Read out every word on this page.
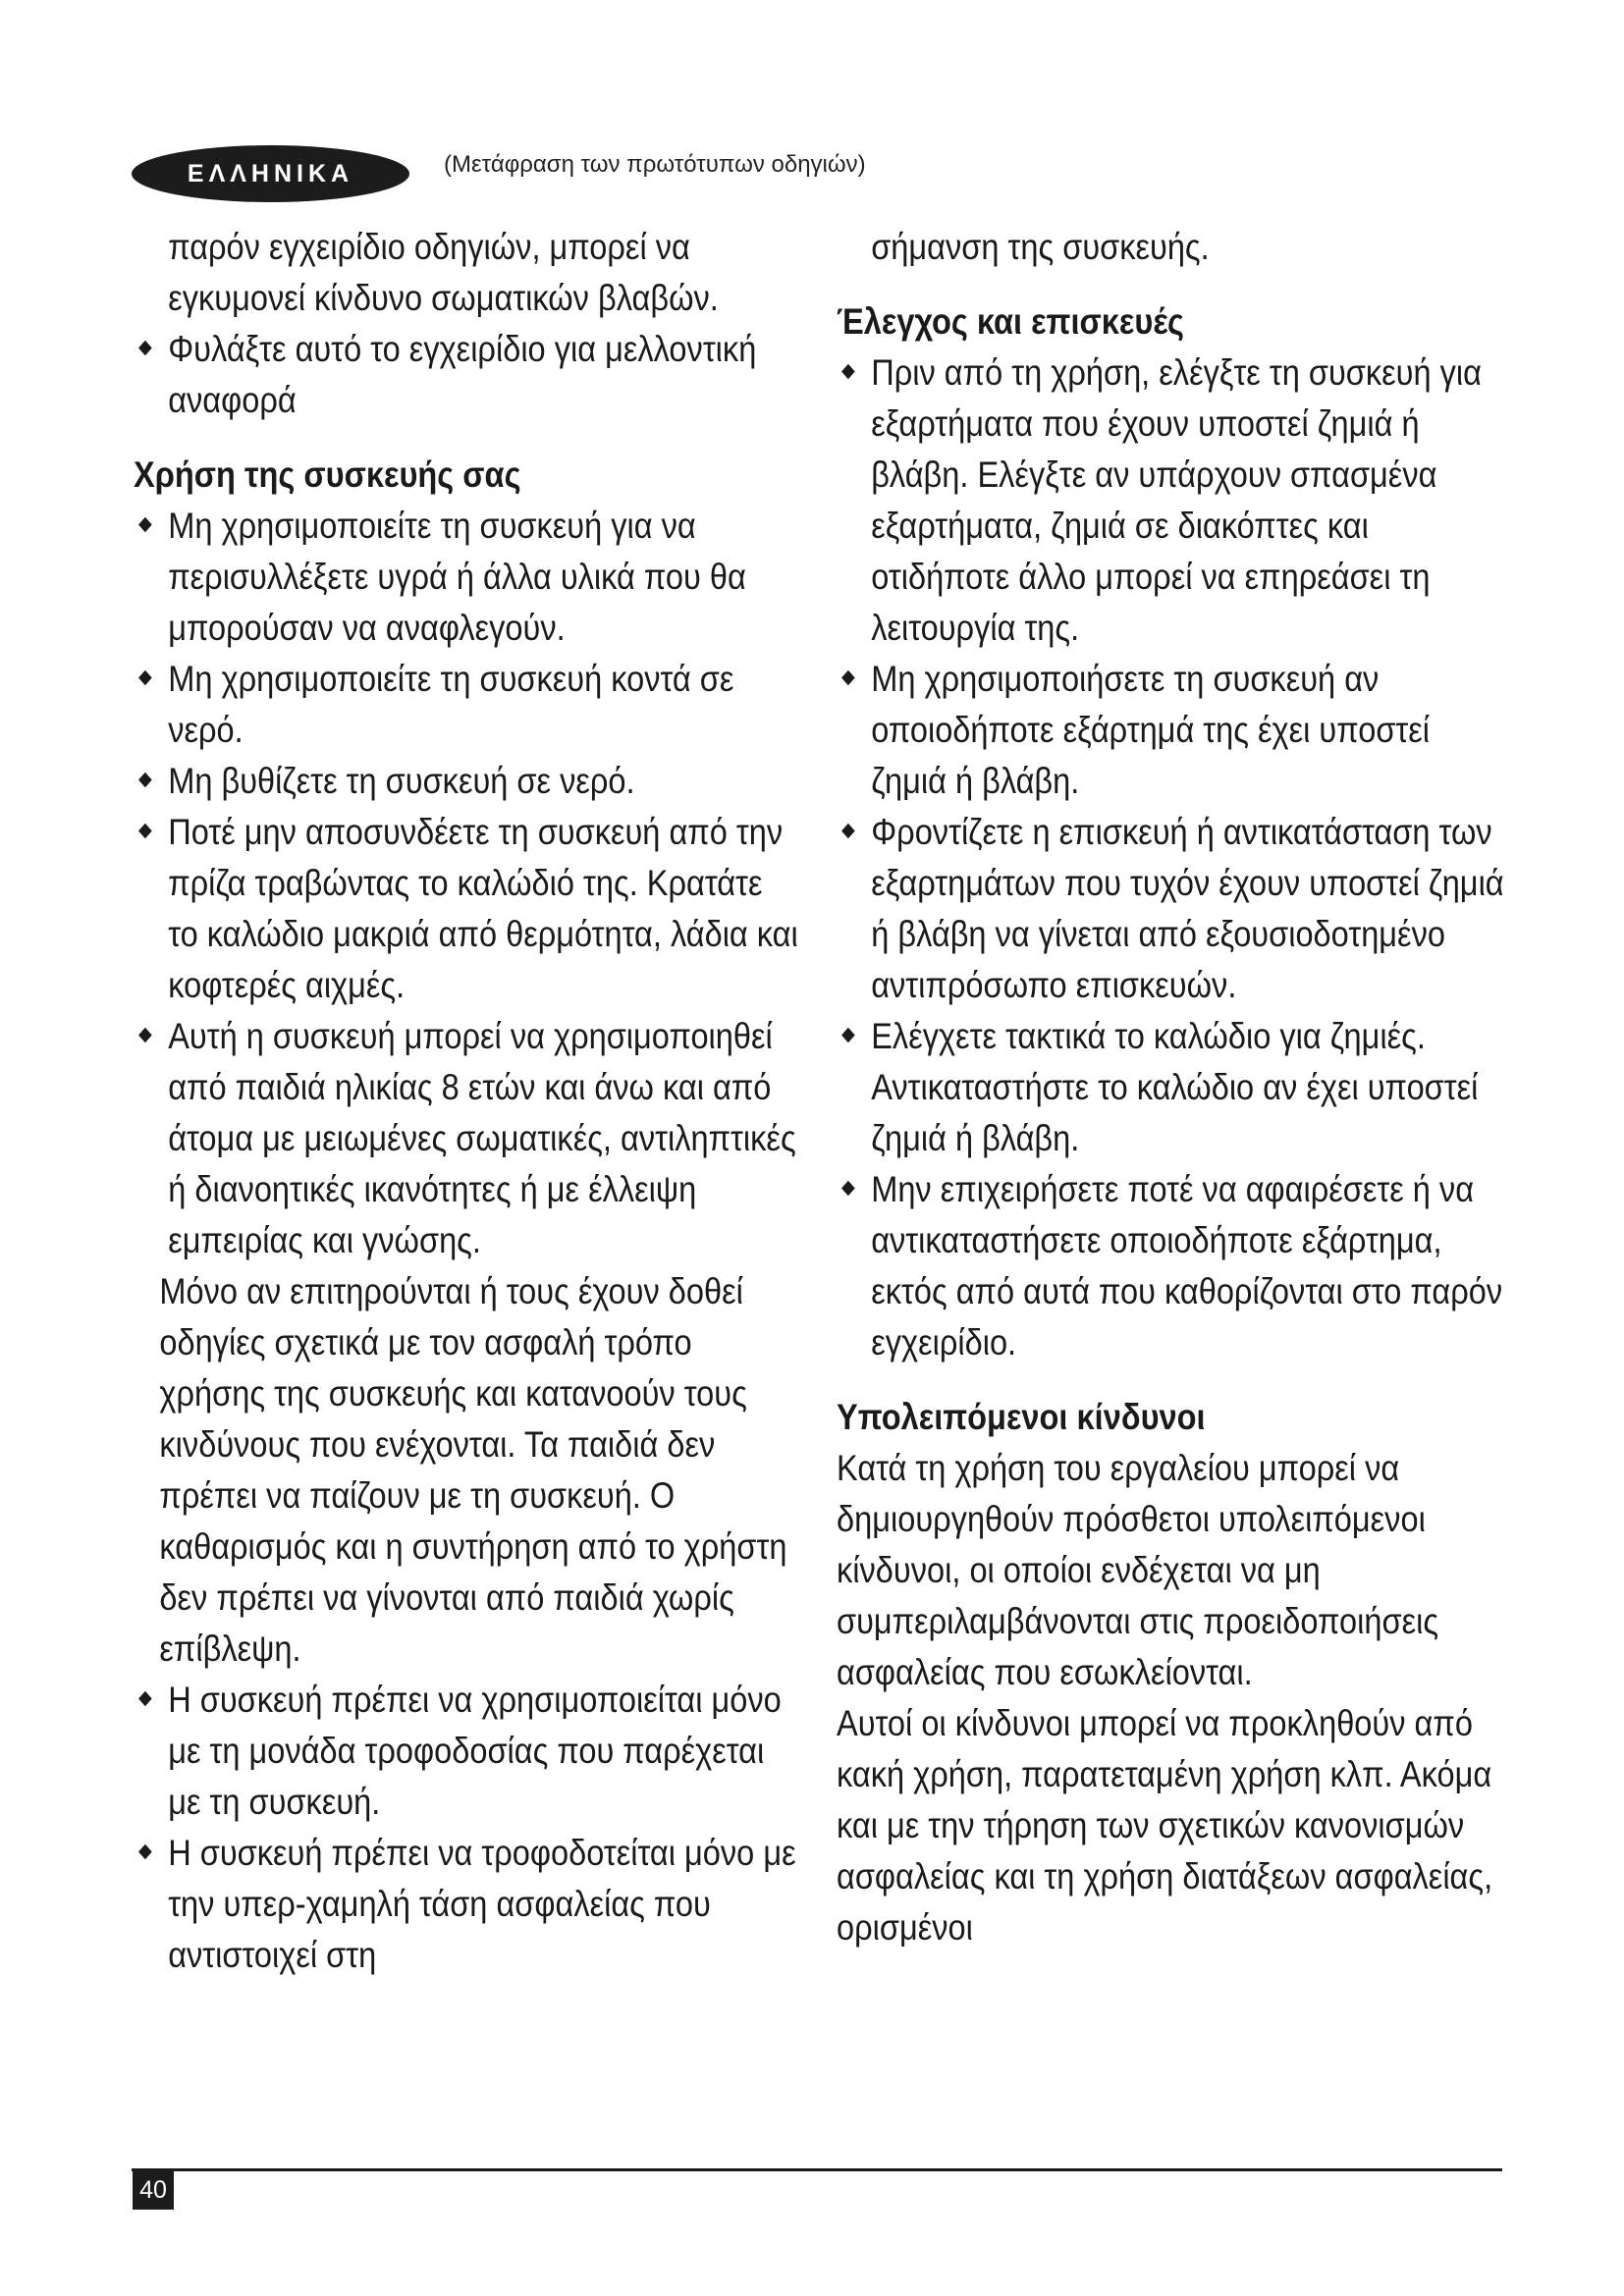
ΕΛΛΗΝΙΚΑ	(Μετάφραση των πρωτότυπων οδηγιών)

παρόν εγχειρίδιο οδηγιών, μπορεί να εγκυμονεί κίνδυνο σωματικών βλαβών.

Φυλάξτε αυτό το εγχειρίδιο για μελλοντική αναφορά

Χρήση της συσκευής σας

Μη χρησιμοποιείτε τη συσκευή για να περισυλλέξετε υγρά ή άλλα υλικά που θα μπορούσαν να αναφλεγούν.
Μη χρησιμοποιείτε τη συσκευή κοντά σε νερό.
Μη βυθίζετε τη συσκευή σε νερό.
Ποτέ μην αποσυνδέετε τη συσκευή από την πρίζα τραβώντας το καλώδιό της. Κρατάτε το καλώδιο μακριά από θερμότητα, λάδια και κοφτερές αιχμές.
Αυτή η συσκευή μπορεί να χρησιμοποιηθεί από παιδιά ηλικίας 8 ετών και άνω και από άτομα με μειωμένες σωματικές, αντιληπτικές ή διανοητικές ικανότητες ή με έλλειψη εμπειρίας και γνώσης.

Μόνο αν επιτηρούνται ή τους έχουν δοθεί οδηγίες σχετικά με τον ασφαλή τρόπο χρήσης της συσκευής και κατανοούν τους κινδύνους που ενέχονται. Τα παιδιά δεν πρέπει να παίζουν με τη συσκευή. Ο καθαρισμός και η συντήρηση από το χρήστη δεν πρέπει να γίνονται από παιδιά χωρίς επίβλεψη.

Η συσκευή πρέπει να χρησιμοποιείται μόνο με τη μονάδα τροφοδοσίας που παρέχεται με τη συσκευή.
Η συσκευή πρέπει να τροφοδοτείται μόνο με την υπερ-χαμηλή τάση ασφαλείας που αντιστοιχεί στη

σήμανση της συσκευής.

Έλεγχος και επισκευές

Πριν από τη χρήση, ελέγξτε τη συσκευή για εξαρτήματα που έχουν υποστεί ζημιά ή βλάβη. Ελέγξτε αν υπάρχουν σπασμένα εξαρτήματα, ζημιά σε διακόπτες και οτιδήποτε άλλο μπορεί να επηρεάσει τη λειτουργία της.
Μη χρησιμοποιήσετε τη συσκευή αν οποιοδήποτε εξάρτημά της έχει υποστεί ζημιά ή βλάβη.
Φροντίζετε η επισκευή ή αντικατάσταση των εξαρτημάτων που τυχόν έχουν υποστεί ζημιά ή βλάβη να γίνεται από εξουσιοδοτημένο αντιπρόσωπο επισκευών.
Ελέγχετε τακτικά το καλώδιο για ζημιές. Αντικαταστήστε το καλώδιο αν έχει υποστεί ζημιά ή βλάβη.
Μην επιχειρήσετε ποτέ να αφαιρέσετε ή να αντικαταστήσετε οποιοδήποτε εξάρτημα, εκτός από αυτά που καθορίζονται στο παρόν εγχειρίδιο.

Υπολειπόμενοι κίνδυνοι

Κατά τη χρήση του εργαλείου μπορεί να δημιουργηθούν πρόσθετοι υπολειπόμενοι κίνδυνοι, οι οποίοι ενδέχεται να μη συμπεριλαμβάνονται στις προειδοποιήσεις ασφαλείας που εσωκλείονται.

Αυτοί οι κίνδυνοι μπορεί να προκληθούν από κακή χρήση, παρατεταμένη χρήση κλπ. Ακόμα και με την τήρηση των σχετικών κανονισμών ασφαλείας και τη χρήση διατάξεων ασφαλείας, ορισμένοι

40
